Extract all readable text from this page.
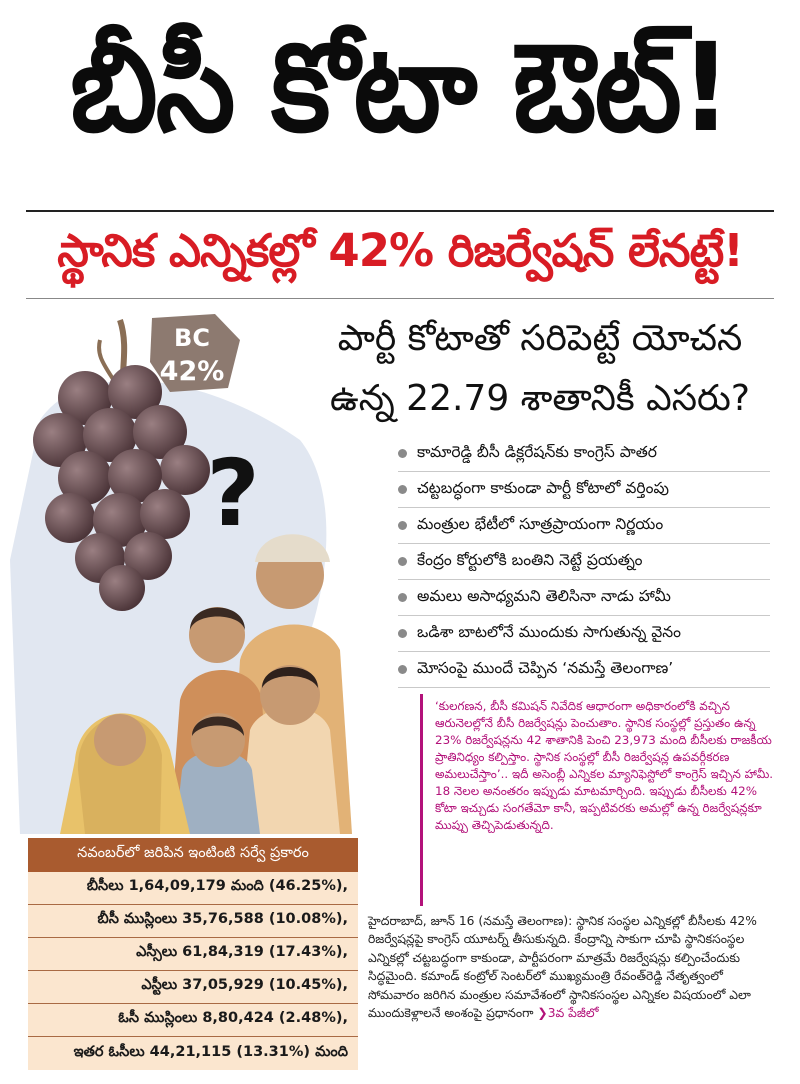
బీసీ కోటా ఔట్‌!
స్థానిక ఎన్నికల్లో 42% రిజర్వేషన్‌ లేనట్టే!
BC
42%
?
పార్టీ కోటాతో సరిపెట్టే యోచన
ఉన్న 22.79 శాతానికీ ఎసరు?
కామారెడ్డి బీసీ డిక్లరేషన్‌కు కాంగ్రెస్‌ పాతర
చట్టబద్ధంగా కాకుండా పార్టీ కోటాలో వర్తింపు
మంత్రుల భేటీలో సూత్రప్రాయంగా నిర్ణయం
కేంద్రం కోర్టులోకి బంతిని నెట్టే ప్రయత్నం
అమలు అసాధ్యమని తెలిసినా నాడు హామీ
ఒడిశా బాటలోనే ముందుకు సాగుతున్న వైనం
మోసంపై ముందే చెప్పిన ‘నమస్తే తెలంగాణ’

‘కులగణన, బీసీ కమిషన్‌ నివేదిక ఆధారంగా అధికారంలోకి వచ్చిన ఆరునెలల్లోనే బీసీ రిజర్వేషన్లు పెంచుతాం. స్థానిక సంస్థల్లో ప్రస్తుతం ఉన్న 23% రిజర్వేషన్లను 42 శాతానికి పెంచి 23,973 మంది బీసీలకు రాజకీయ ప్రాతినిధ్యం కల్పిస్తాం. స్థానిక సంస్థల్లో బీసీ రిజర్వేషన్ల ఉపవర్గీకరణ అమలుచేస్తాం’.. ఇదీ అసెంబ్లీ ఎన్నికల మ్యానిఫెస్టోలో కాంగ్రెస్‌ ఇచ్చిన హామీ. 18 నెలల అనంతరం ఇప్పుడు మాటమార్చింది. ఇప్పుడు బీసీలకు 42% కోటా ఇచ్చుడు సంగతేమో కానీ, ఇప్పటివరకు అమల్లో ఉన్న రిజర్వేషన్లకూ ముప్పు తెచ్చిపెడుతున్నది.

హైదరాబాద్‌, జూన్‌ 16 (నమస్తే తెలంగాణ): స్థానిక సంస్థల ఎన్నికల్లో బీసీలకు 42% రిజర్వేషన్లపై కాంగ్రెస్‌ యూటర్న్‌ తీసుకున్నది. కేంద్రాన్ని సాకుగా చూపి స్థానికసంస్థల ఎన్నికల్లో చట్టబద్ధంగా కాకుండా, పార్టీపరంగా మాత్రమే రిజర్వేషన్లు కల్పించేందుకు సిద్ధమైంది. కమాండ్‌ కంట్రోల్‌ సెంటర్‌లో ముఖ్యమంత్రి రేవంత్‌రెడ్డి నేతృత్వంలో సోమవారం జరిగిన మంత్రుల సమావేశంలో స్థానికసంస్థల ఎన్నికల విషయంలో ఎలా ముందుకెళ్లాలనే అంశంపై ప్రధానంగా ❯3వ పేజీలో
నవంబర్‌లో జరిపిన ఇంటింటి సర్వే ప్రకారం
బీసీలు 1,64,09,179 మంది (46.25%),
బీసీ ముస్లింలు 35,76,588 (10.08%),
ఎస్సీలు 61,84,319 (17.43%),
ఎస్టీలు 37,05,929 (10.45%),
ఓసీ ముస్లింలు 8,80,424 (2.48%),
ఇతర ఓసీలు 44,21,115 (13.31%) మంది
